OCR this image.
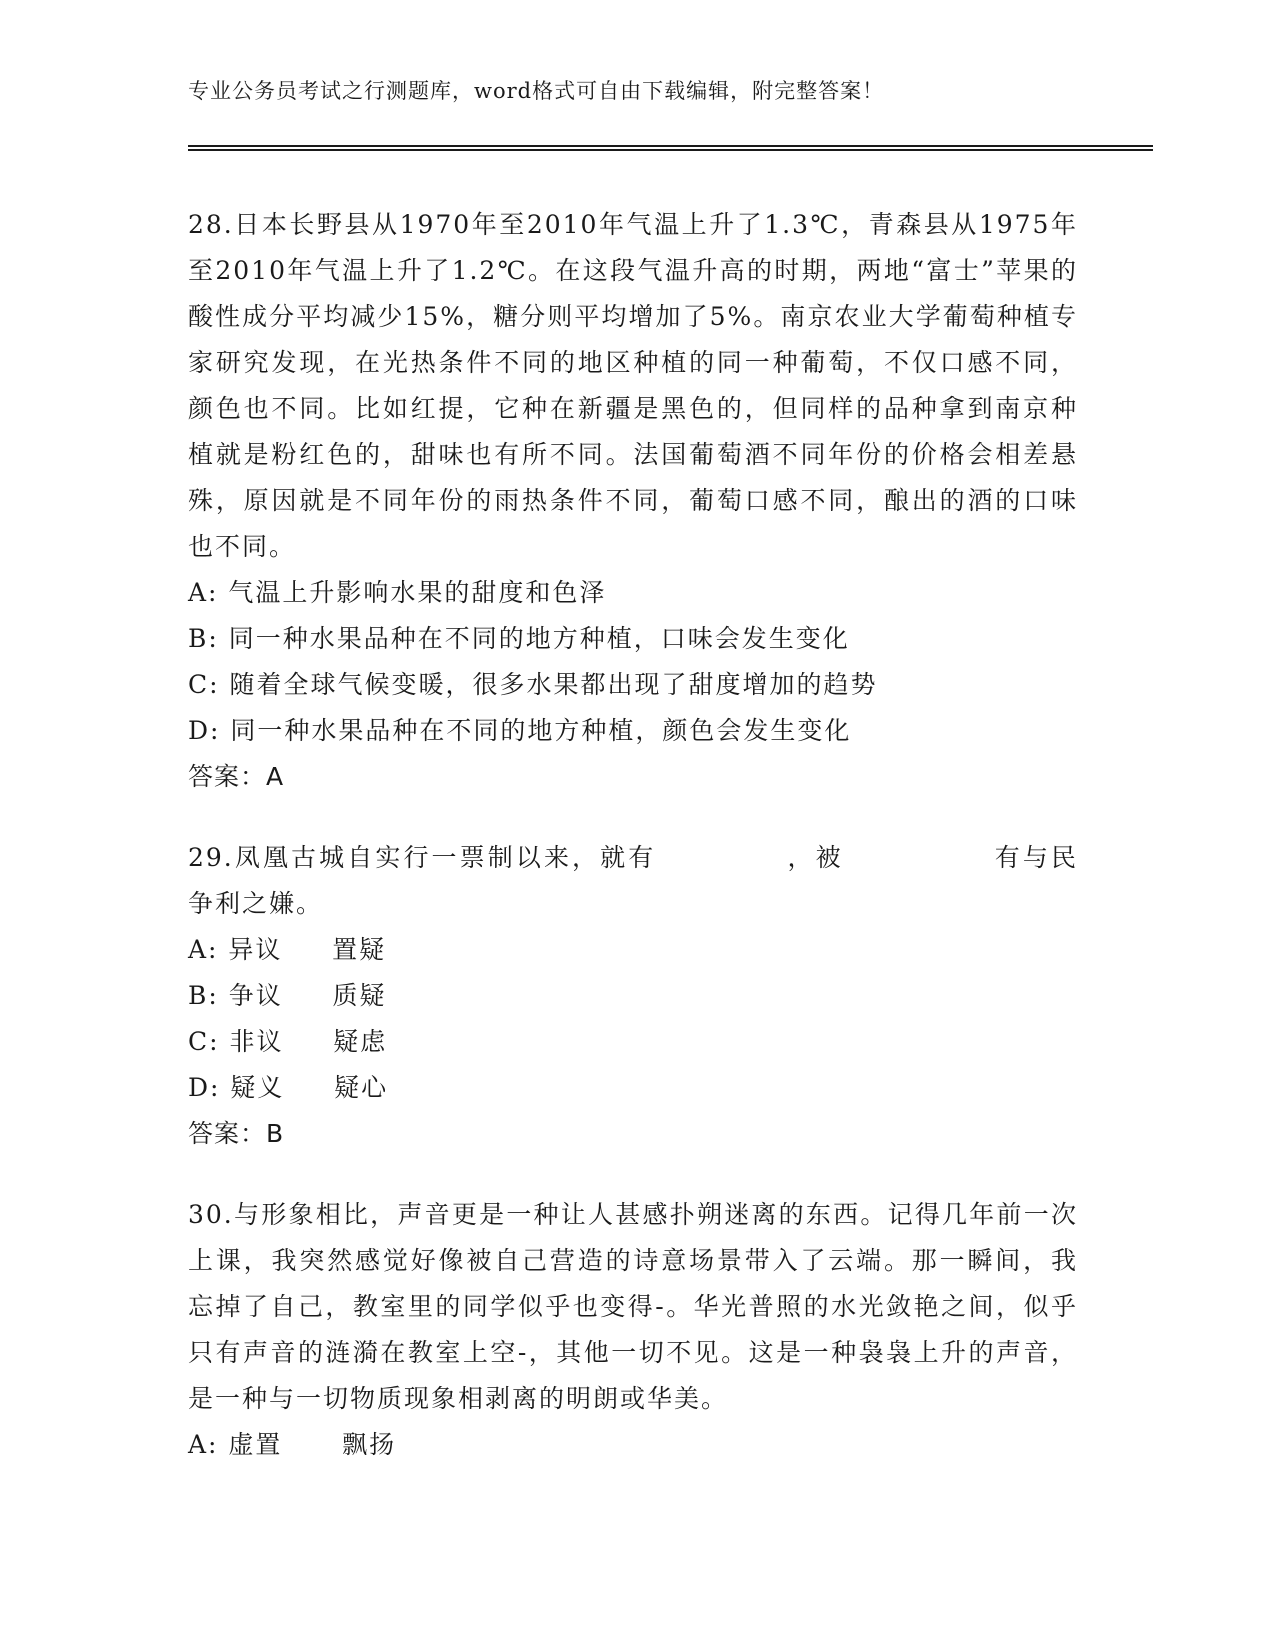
专业公务员考试之行测题库，word格式可自由下载编辑，附完整答案！

28.日本长野县从1970年至2010年气温上升了1.3℃，青森县从1975年至2010年气温上升了1.2℃。在这段气温升高的时期，两地“富士”苹果的酸性成分平均减少15%，糖分则平均增加了5%。南京农业大学葡萄种植专家研究发现，在光热条件不同的地区种植的同一种葡萄，不仅口感不同，颜色也不同。比如红提，它种在新疆是黑色的，但同样的品种拿到南京种植就是粉红色的，甜味也有所不同。法国葡萄酒不同年份的价格会相差悬殊，原因就是不同年份的雨热条件不同，葡萄口感不同，酿出的酒的口味也不同。

A: 气温上升影响水果的甜度和色泽
B: 同一种水果品种在不同的地方种植，口味会发生变化
C: 随着全球气候变暖，很多水果都出现了甜度增加的趋势
D: 同一种水果品种在不同的地方种植，颜色会发生变化
答案：A

29.凤凰古城自实行一票制以来，就有	，被	有与民争利之嫌。

A: 异议     置疑
B: 争议     质疑
C: 非议     疑虑
D: 疑义     疑心
答案：B

30.与形象相比，声音更是一种让人甚感扑朔迷离的东西。记得几年前一次上课，我突然感觉好像被自己营造的诗意场景带入了云端。那一瞬间，我忘掉了自己，教室里的同学似乎也变得-。华光普照的水光敛艳之间，似乎只有声音的涟漪在教室上空-，其他一切不见。这是一种袅袅上升的声音，是一种与一切物质现象相剥离的明朗或华美。

A: 虚置      飘扬
